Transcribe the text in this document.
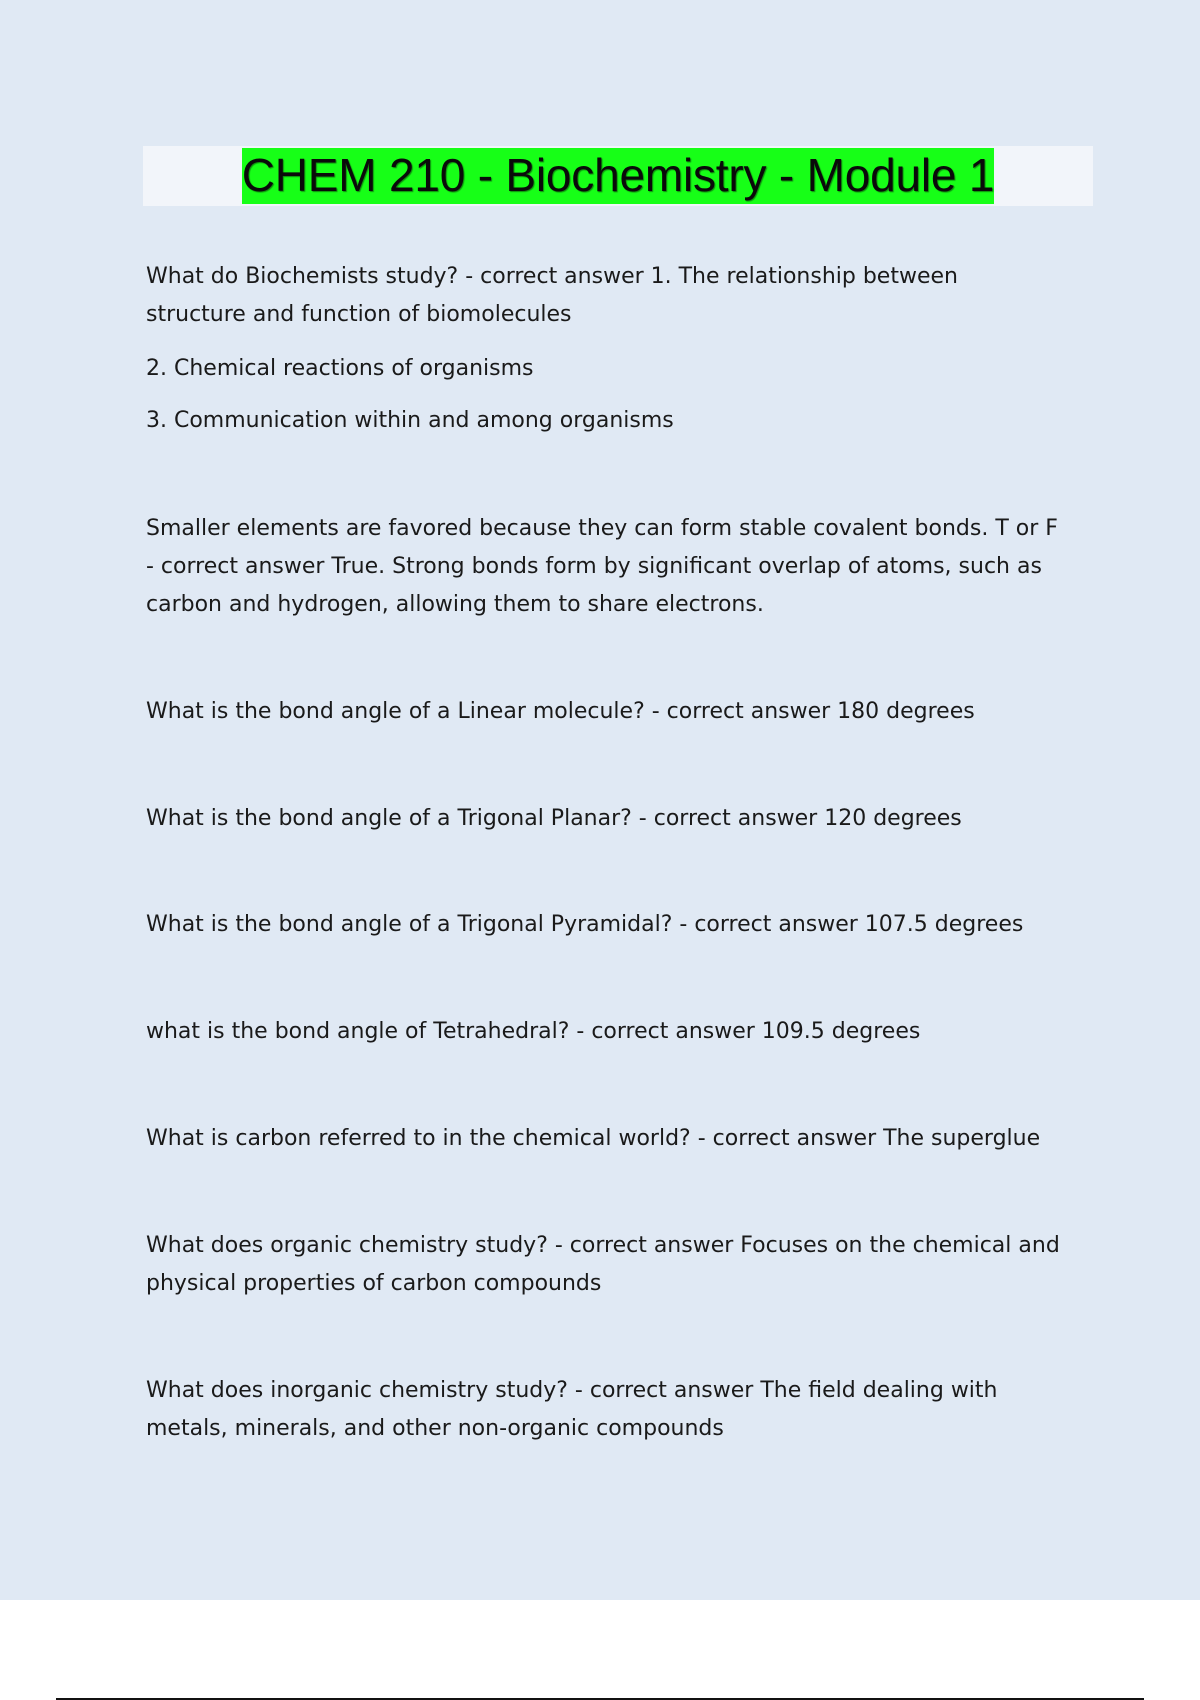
CHEM 210 - Biochemistry - Module 1
What do Biochemists study? - correct answer 1. The relationship between
structure and function of biomolecules
2. Chemical reactions of organisms
3. Communication within and among organisms
Smaller elements are favored because they can form stable covalent bonds. T or F
- correct answer True. Strong bonds form by significant overlap of atoms, such as
carbon and hydrogen, allowing them to share electrons.
What is the bond angle of a Linear molecule? - correct answer 180 degrees
What is the bond angle of a Trigonal Planar? - correct answer 120 degrees
What is the bond angle of a Trigonal Pyramidal? - correct answer 107.5 degrees
what is the bond angle of Tetrahedral? - correct answer 109.5 degrees
What is carbon referred to in the chemical world? - correct answer The superglue
What does organic chemistry study? - correct answer Focuses on the chemical and
physical properties of carbon compounds
What does inorganic chemistry study? - correct answer The field dealing with
metals, minerals, and other non-organic compounds
